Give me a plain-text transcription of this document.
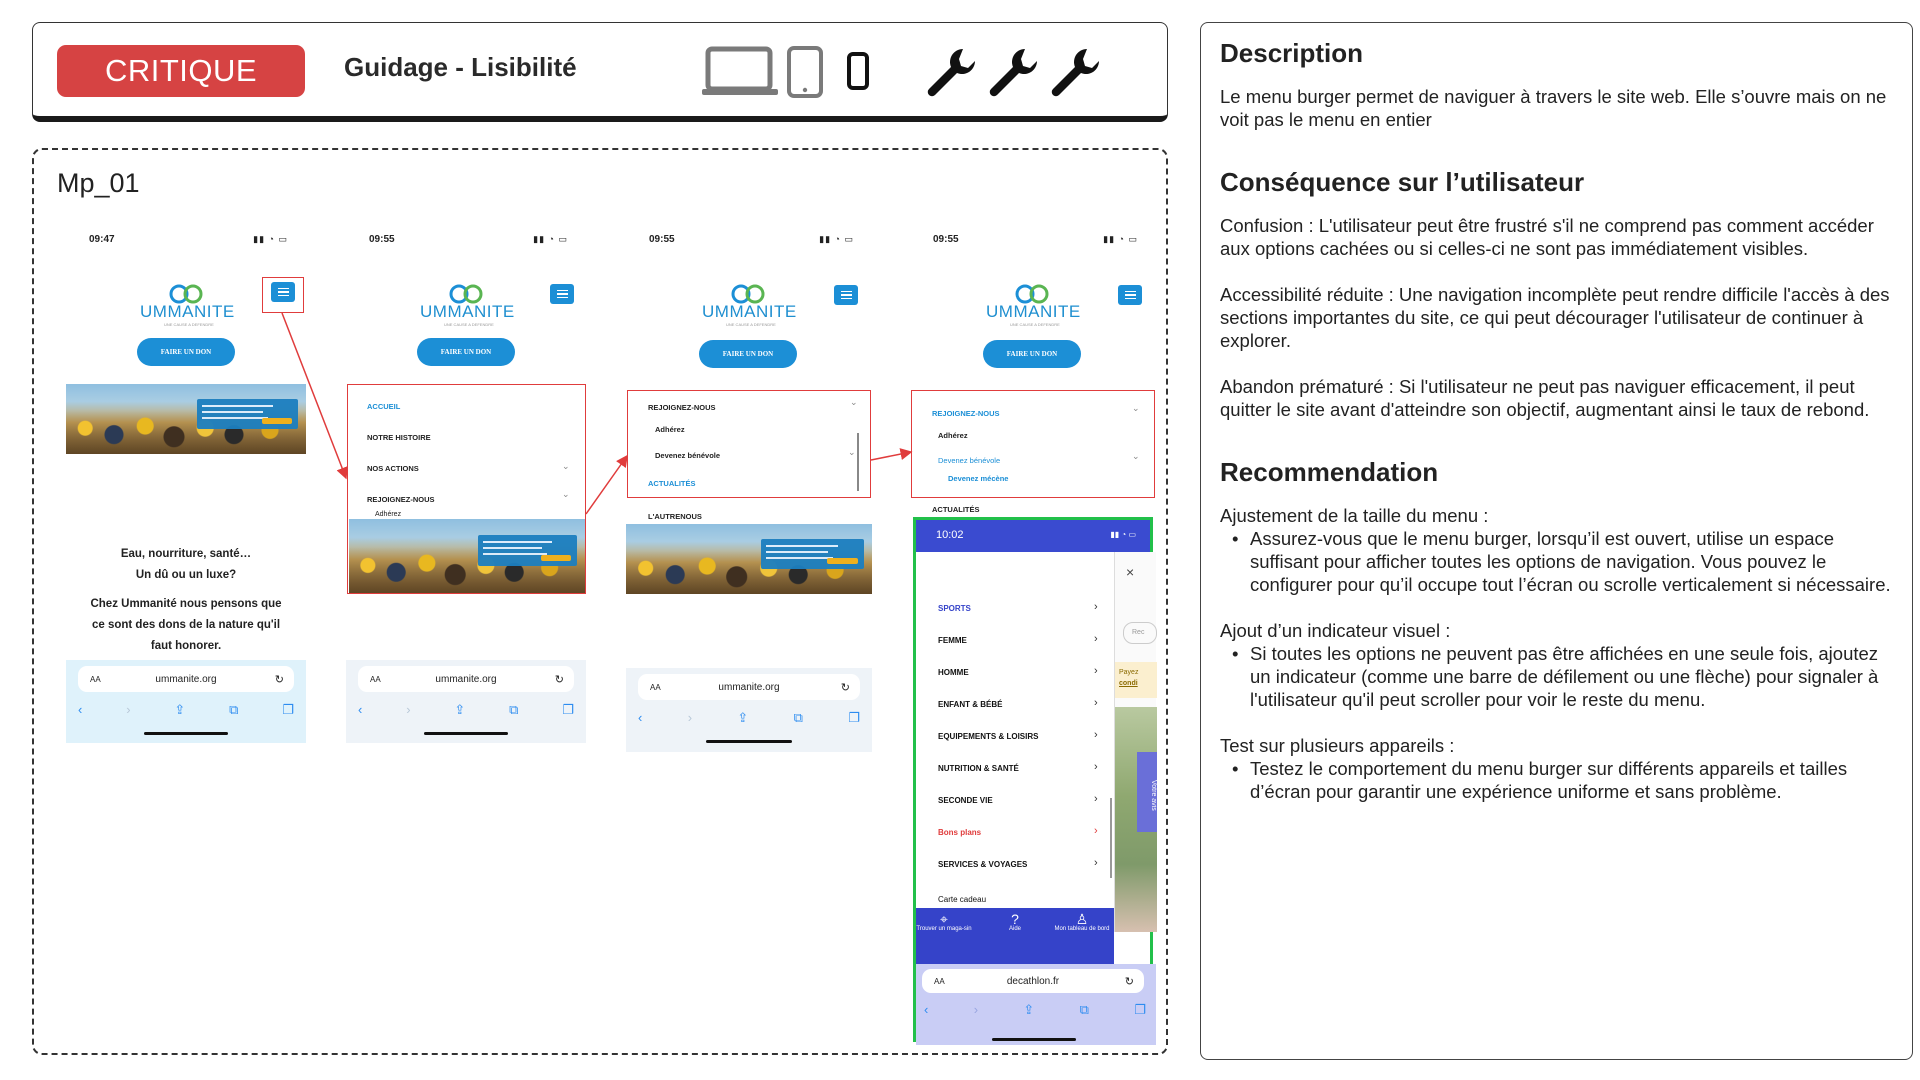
CRITIQUE	Guidage - Lisibilité
Mp_01
09:47	▮▮ ◔ ▭
UMMANITE
UNE CAUSE A DEFENDRE
FAIRE UN DON
Eau, nourriture, santé…
Un dû ou un luxe?
Chez Ummanité nous pensons que
ce sont des dons de la nature qu'il
faut honorer.
AA	ummanite.org	↻
‹	›	⇪	⧉	❐
09:55	▮▮ ◔ ▭
UMMANITE
UNE CAUSE A DEFENDRE
FAIRE UN DON
AA	ummanite.org	↻
‹	›	⇪	⧉	❐
ACCUEIL
NOTRE HISTOIRE
NOS ACTIONS	⌄
REJOIGNEZ-NOUS
⌄
Adhérez
09:55	▮▮ ◔ ▭
UMMANITE
UNE CAUSE A DEFENDRE
FAIRE UN DON
L'AUTRENOUS
AA	ummanite.org	↻
‹	›	⇪	⧉	❐
REJOIGNEZ-NOUS
⌄
Adhérez
Devenez bénévole	⌄
ACTUALITÉS
09:55	▮▮ ◔ ▭
UMMANITE
UNE CAUSE A DEFENDRE
FAIRE UN DON
ACTUALITÉS
REJOIGNEZ-NOUS
⌄
Adhérez
Devenez bénévole	⌄
Devenez mécène
10:02	▮▮ ◔ ▭
SPORTS	›
FEMME	›
HOMME	›
ENFANT & BÉBÉ	›
EQUIPEMENTS & LOISIRS	›
NUTRITION & SANTÉ	›
SECONDE VIE	›
Bons plans	›
SERVICES & VOYAGES	›
Carte cadeau
×
Rec
Payez
condi
Votre avis
⌖
Trouver un maga-sin
?
Aide
♙
Mon tableau de bord
AA	decathlon.fr	↻
‹	›	⇪	⧉	❐
Description
Le menu burger permet de naviguer à travers le site web. Elle s’ouvre mais on ne voit pas le menu en entier
Conséquence sur l’utilisateur
Confusion : L'utilisateur peut être frustré s'il ne comprend pas comment accéder aux options cachées ou si celles-ci ne sont pas immédiatement visibles.
Accessibilité réduite : Une navigation incomplète peut rendre difficile l'accès à des sections importantes du site, ce qui peut décourager l'utilisateur de continuer à explorer.
Abandon prématuré : Si l'utilisateur ne peut pas naviguer efficacement, il peut quitter le site avant d'atteindre son objectif, augmentant ainsi le taux de rebond.
Recommendation
Ajustement de la taille du menu :
• Assurez-vous que le menu burger, lorsqu’il est ouvert, utilise un espace suffisant pour afficher toutes les options de navigation. Vous pouvez le configurer pour qu’il occupe tout l’écran ou scrolle verticalement si nécessaire.
Ajout d’un indicateur visuel :
• Si toutes les options ne peuvent pas être affichées en une seule fois, ajoutez un indicateur (comme une barre de défilement ou une flèche) pour signaler à l'utilisateur qu'il peut scroller pour voir le reste du menu.
Test sur plusieurs appareils :
• Testez le comportement du menu burger sur différents appareils et tailles d’écran pour garantir une expérience uniforme et sans problème.
